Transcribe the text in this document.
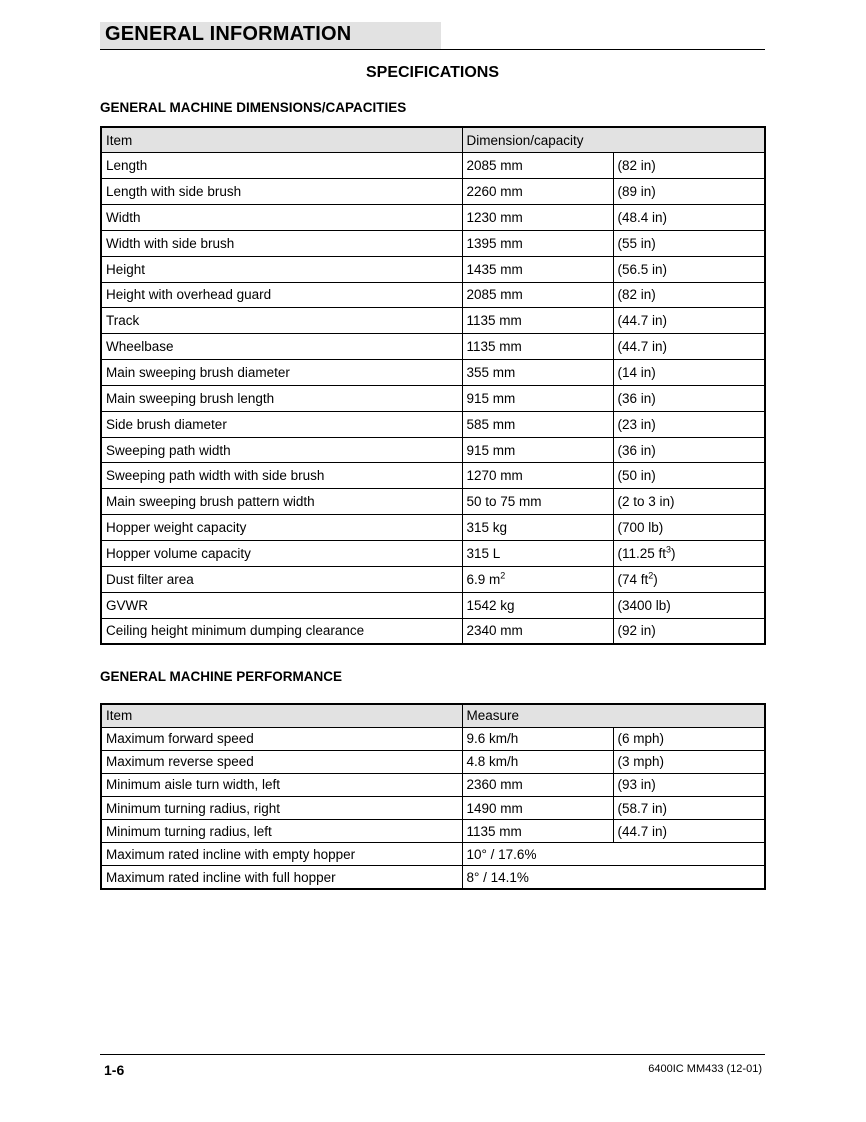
GENERAL INFORMATION
SPECIFICATIONS
GENERAL MACHINE DIMENSIONS/CAPACITIES
Item	Dimension/capacity	
Length	2085 mm	(82 in)
Length with side brush	2260 mm	(89 in)
Width	1230 mm	(48.4 in)
Width with side brush	1395 mm	(55 in)
Height	1435 mm	(56.5 in)
Height with overhead guard	2085 mm	(82 in)
Track	1135 mm	(44.7 in)
Wheelbase	1135 mm	(44.7 in)
Main sweeping brush diameter	355 mm	(14 in)
Main sweeping brush length	915 mm	(36 in)
Side brush diameter	585 mm	(23 in)
Sweeping path width	915 mm	(36 in)
Sweeping path width with side brush	1270 mm	(50 in)
Main sweeping brush pattern width	50 to 75 mm	(2 to 3 in)
Hopper weight capacity	315 kg	(700 lb)
Hopper volume capacity	315 L	(11.25 $ft^3$)
Dust filter area	6.9 $m^2$	(74 $ft^2$)
GVWR	1542 kg	(3400 lb)
Ceiling height minimum dumping clearance	2340 mm	(92 in)
GENERAL MACHINE PERFORMANCE
Item	Measure	
Maximum forward speed	9.6 km/h	(6 mph)
Maximum reverse speed	4.8 km/h	(3 mph)
Minimum aisle turn width, left	2360 mm	(93 in)
Minimum turning radius, right	1490 mm	(58.7 in)
Minimum turning radius, left	1135 mm	(44.7 in)
Maximum rated incline with empty hopper	10° / 17.6%	
Maximum rated incline with full hopper	8° / 14.1%	
1-6	6400IC MM433 (12-01)
